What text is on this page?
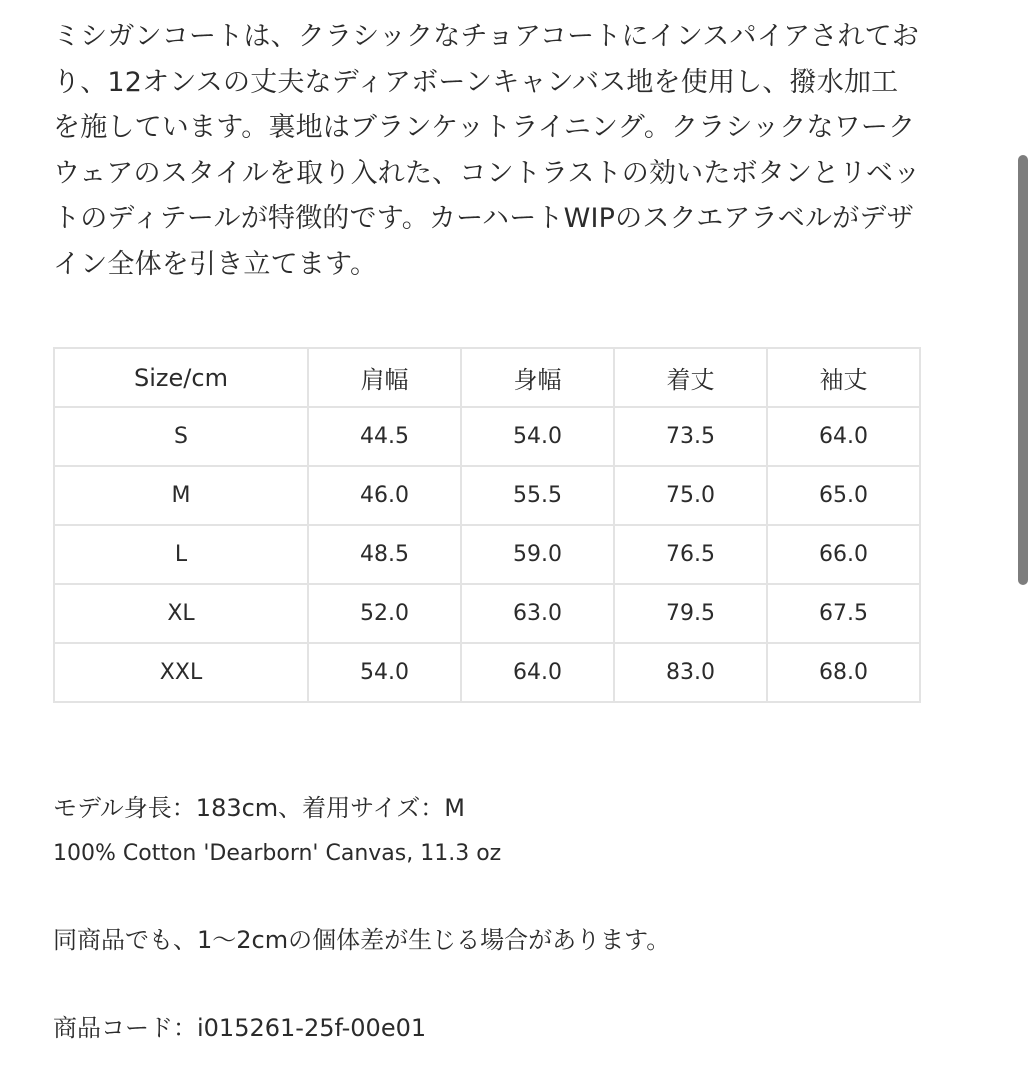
ミシガンコートは、クラシックなチョアコートにインスパイアされており、12オンスの丈夫なディアボーンキャンバス地を使用し、撥水加工を施しています。裏地はブランケットライニング。クラシックなワークウェアのスタイルを取り入れた、コントラストの効いたボタンとリベットのディテールが特徴的です。カーハートWIPのスクエアラベルがデザイン全体を引き立てます。

Size/cm	肩幅	身幅	着丈	袖丈
S	44.5	54.0	73.5	64.0
M	46.0	55.5	75.0	65.0
L	48.5	59.0	76.5	66.0
XL	52.0	63.0	79.5	67.5
XXL	54.0	64.0	83.0	68.0

モデル身長：183cm、着用サイズ：M

100% Cotton 'Dearborn' Canvas, 11.3 oz

同商品でも、1〜2cmの個体差が生じる場合があります。

商品コード：i015261-25f-00e01
